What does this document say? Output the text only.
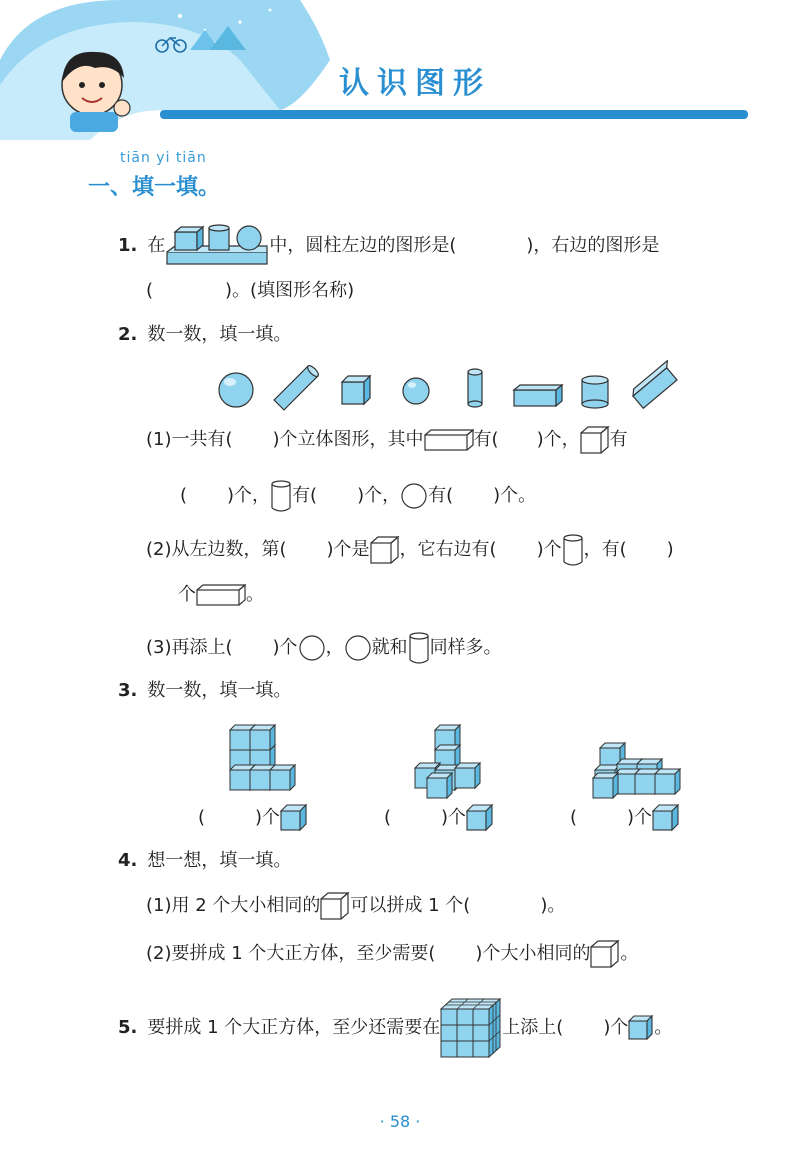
认识图形
tiān yi tiān
一、填一填。
1. 在	中，圆柱左边的图形是(	)，右边的图形是
(	)。(填图形名称)
2. 数一数，填一填。
(1)一共有( )个立体图形，其中	有( )个， 有
( )个， 有( )个， 有( )个。
(2)从左边数，第( )个是 ，它右边有( )个 ，有( )
个	。
(3)再添上( )个 ， 就和 同样多。
3. 数一数，填一填。
(	)个	(	)个	(	)个
4. 想一想，填一填。
(1)用 2 个大小相同的 可以拼成 1 个(	)。
(2)要拼成 1 个大正方体，至少需要( )个大小相同的 。
5. 要拼成 1 个大正方体，至少还需要在	上添上( )个 。
· 58 ·
